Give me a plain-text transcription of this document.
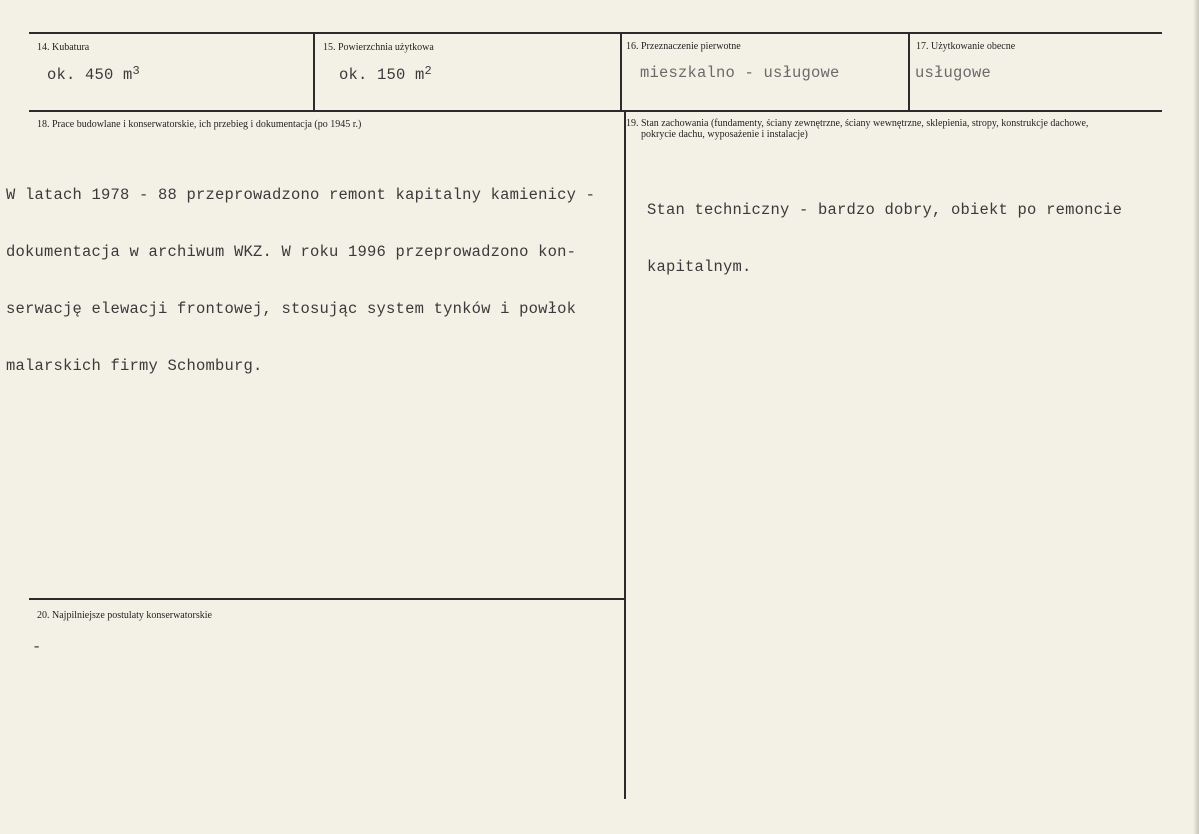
14. Kubatura
ok. 450 $m^3$
15. Powierzchnia użytkowa
ok. 150 $m^2$
16. Przeznaczenie pierwotne
mieszkalno - usługowe
17. Użytkowanie obecne
usługowe
18. Prace budowlane i konserwatorskie, ich przebieg i dokumentacja (po 1945 r.)

W latach 1978 - 88 przeprowadzono remont kapitalny kamienicy -

dokumentacja w archiwum WKZ. W roku 1996 przeprowadzono kon-

serwację elewacji frontowej, stosując system tynków i powłok

malarskich firmy Schomburg.

19. Stan zachowania (fundamenty, ściany zewnętrzne, ściany wewnętrzne, sklepienia, stropy, konstrukcje dachowe,
pokrycie dachu, wyposażenie i instalacje)

Stan techniczny - bardzo dobry, obiekt po remoncie

kapitalnym.

20. Najpilniejsze postulaty konserwatorskie
-
